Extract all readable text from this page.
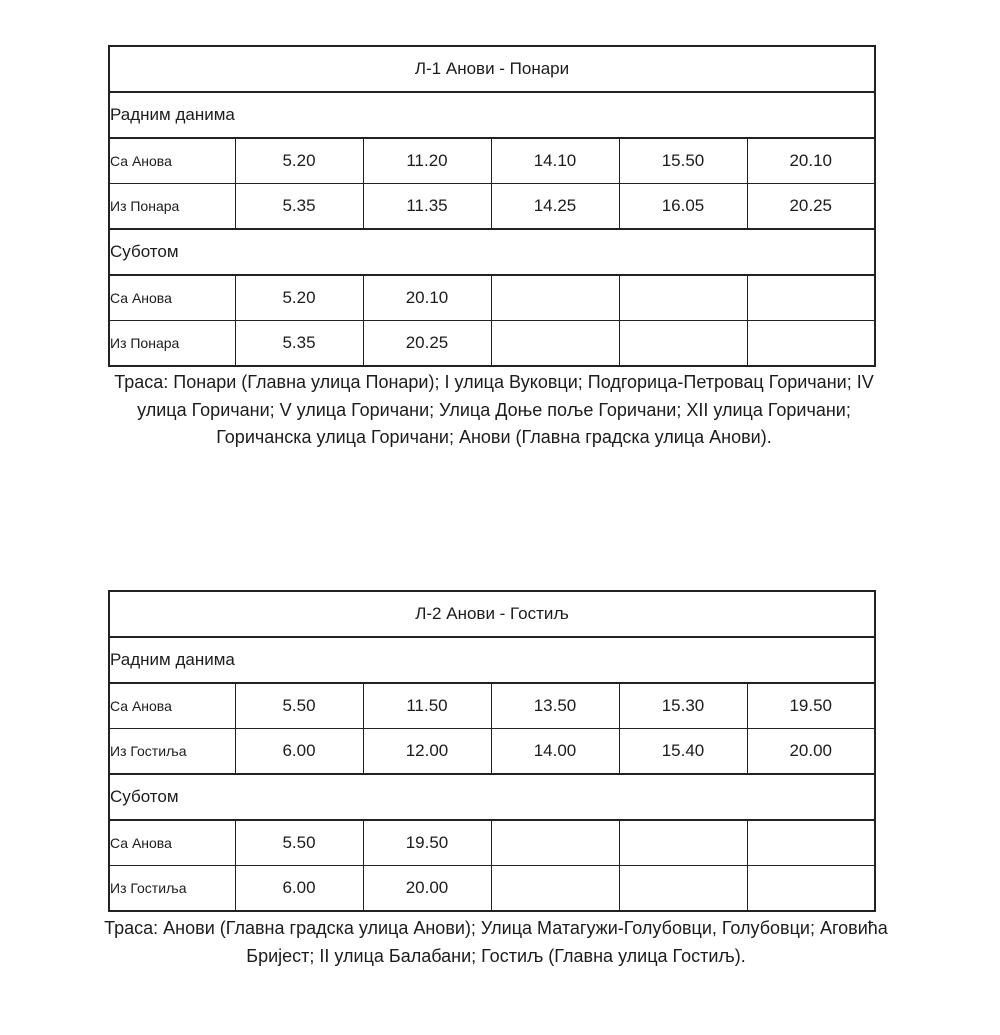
Л-1 Анови - Понари					
Радним данима					
Са Анова	5.20	11.20	14.10	15.50	20.10
Из Понара	5.35	11.35	14.25	16.05	20.25
Суботом					
Са Анова	5.20	20.10			
Из Понара	5.35	20.25			

Траса: Понари (Главна улица Понари); I улица Вуковци; Подгорица-Петровац Горичани; IV улица Горичани; V улица Горичани; Улица Доње поље Горичани; XII улица Горичани; Горичанска улица Горичани; Анови (Главна градска улица Анови).

Л-2 Анови - Гостиљ					
Радним данима					
Са Анова	5.50	11.50	13.50	15.30	19.50
Из Гостиља	6.00	12.00	14.00	15.40	20.00
Суботом					
Са Анова	5.50	19.50			
Из Гостиља	6.00	20.00			

Траса: Анови (Главна градска улица Анови); Улица Матагужи-Голубовци, Голубовци; Аговића Бријест; II улица Балабани; Гостиљ (Главна улица Гостиљ).
